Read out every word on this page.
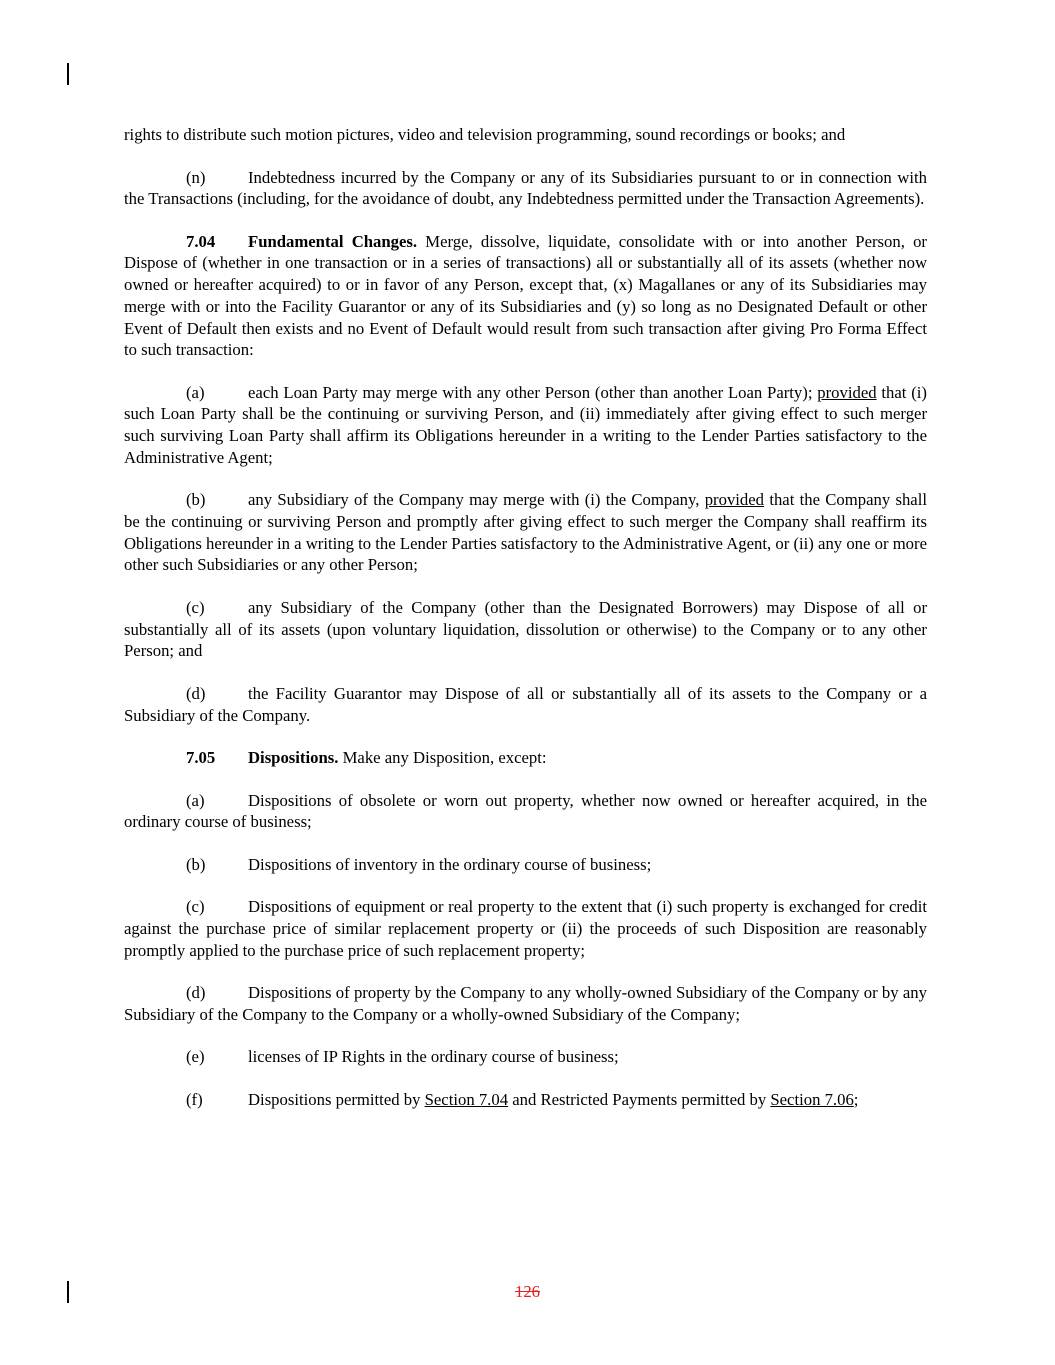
rights to distribute such motion pictures, video and television programming, sound recordings or books; and

(n)	Indebtedness incurred by the Company or any of its Subsidiaries pursuant to or in connection with the Transactions (including, for the avoidance of doubt, any Indebtedness permitted under the Transaction Agreements).

7.04 Fundamental Changes. Merge, dissolve, liquidate, consolidate with or into another Person, or Dispose of (whether in one transaction or in a series of transactions) all or substantially all of its assets (whether now owned or hereafter acquired) to or in favor of any Person, except that, (x) Magallanes or any of its Subsidiaries may merge with or into the Facility Guarantor or any of its Subsidiaries and (y) so long as no Designated Default or other Event of Default then exists and no Event of Default would result from such transaction after giving Pro Forma Effect to such transaction:

(a)	each Loan Party may merge with any other Person (other than another Loan Party); provided that (i) such Loan Party shall be the continuing or surviving Person, and (ii) immediately after giving effect to such merger such surviving Loan Party shall affirm its Obligations hereunder in a writing to the Lender Parties satisfactory to the Administrative Agent;

(b)	any Subsidiary of the Company may merge with (i) the Company, provided that the Company shall be the continuing or surviving Person and promptly after giving effect to such merger the Company shall reaffirm its Obligations hereunder in a writing to the Lender Parties satisfactory to the Administrative Agent, or (ii) any one or more other such Subsidiaries or any other Person;

(c)	any Subsidiary of the Company (other than the Designated Borrowers) may Dispose of all or substantially all of its assets (upon voluntary liquidation, dissolution or otherwise) to the Company or to any other Person; and

(d)	the Facility Guarantor may Dispose of all or substantially all of its assets to the Company or a Subsidiary of the Company.

7.05 Dispositions. Make any Disposition, except:

(a)	Dispositions of obsolete or worn out property, whether now owned or hereafter acquired, in the ordinary course of business;

(b)	Dispositions of inventory in the ordinary course of business;

(c)	Dispositions of equipment or real property to the extent that (i) such property is exchanged for credit against the purchase price of similar replacement property or (ii) the proceeds of such Disposition are reasonably promptly applied to the purchase price of such replacement property;

(d)	Dispositions of property by the Company to any wholly-owned Subsidiary of the Company or by any Subsidiary of the Company to the Company or a wholly-owned Subsidiary of the Company;

(e)	licenses of IP Rights in the ordinary course of business;

(f)	Dispositions permitted by Section 7.04 and Restricted Payments permitted by Section 7.06;

126
